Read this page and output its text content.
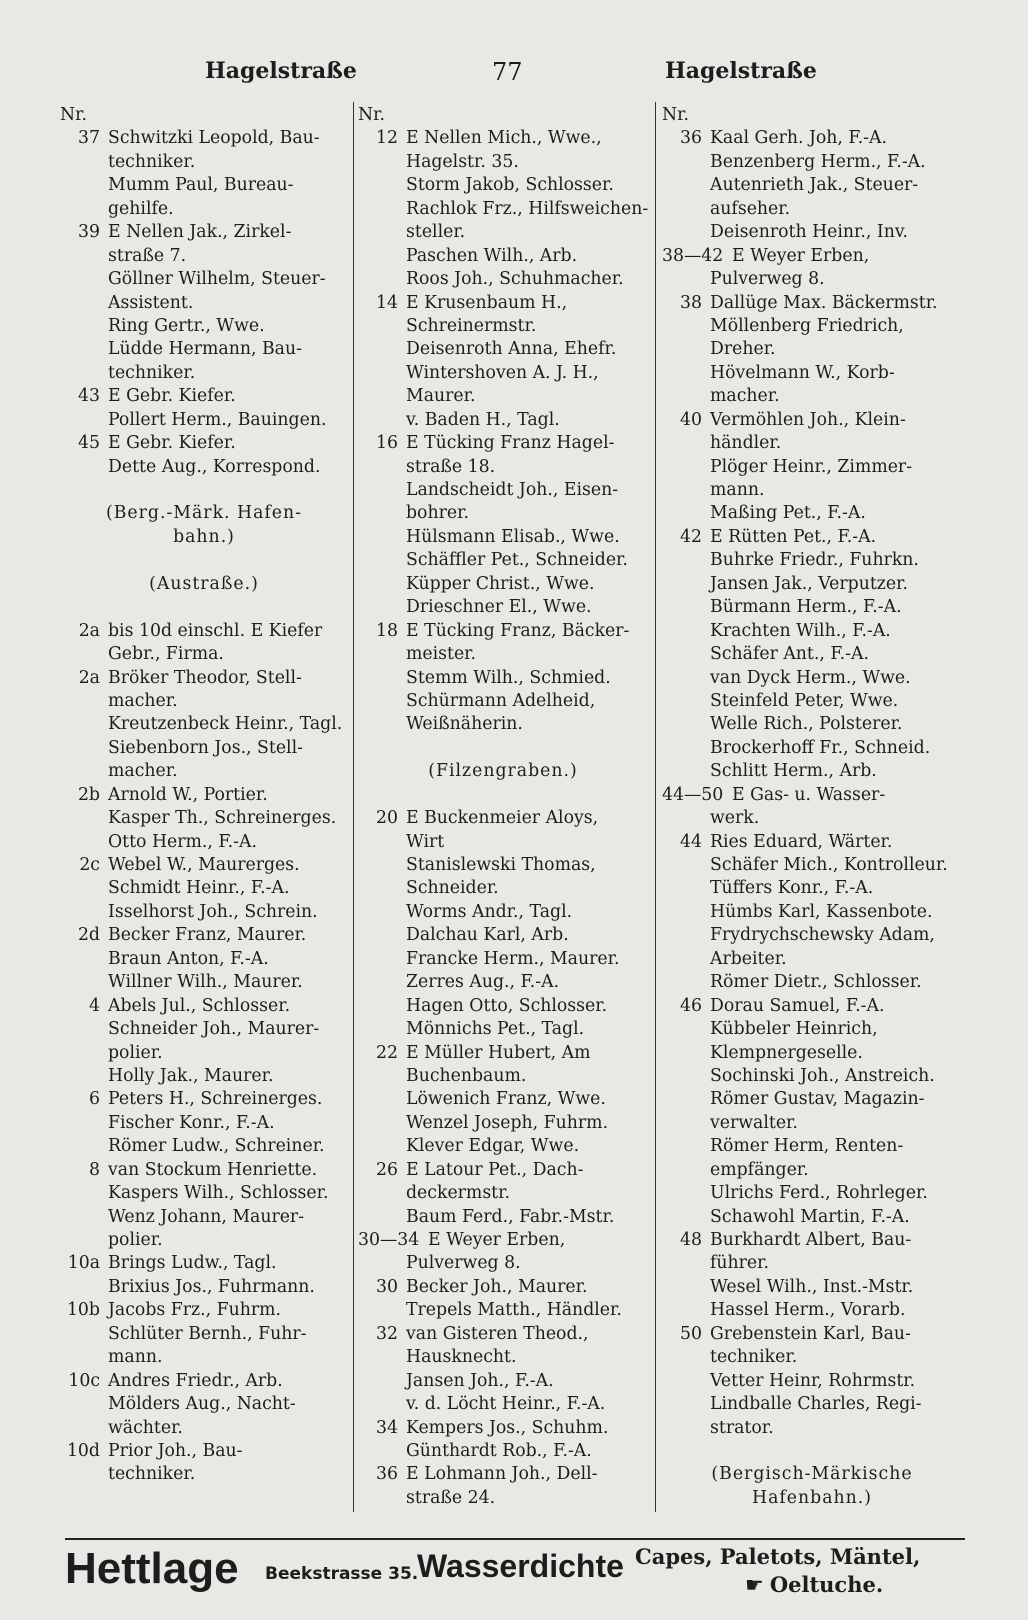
Hagelstraße	77	Hagelstraße
Nr.
37 Schwitzki Leopold, Bau-
techniker.
Mumm Paul, Bureau-
gehilfe.
39 E Nellen Jak., Zirkel-
straße 7.
Göllner Wilhelm, Steuer-
Assistent.
Ring Gertr., Wwe.
Lüdde Hermann, Bau-
techniker.
43 E Gebr. Kiefer.
Pollert Herm., Bauingen.
45 E Gebr. Kiefer.
Dette Aug., Korrespond.
(Berg.-Märk. Hafen-
bahn.)
(Austraße.)
2a bis 10d einschl. E Kiefer
Gebr., Firma.
2a Bröker Theodor, Stell-
macher.
Kreutzenbeck Heinr., Tagl.
Siebenborn Jos., Stell-
macher.
2b Arnold W., Portier.
Kasper Th., Schreinerges.
Otto Herm., F.-A.
2c Webel W., Maurerges.
Schmidt Heinr., F.-A.
Isselhorst Joh., Schrein.
2d Becker Franz, Maurer.
Braun Anton, F.-A.
Willner Wilh., Maurer.
4 Abels Jul., Schlosser.
Schneider Joh., Maurer-
polier.
Holly Jak., Maurer.
6 Peters H., Schreinerges.
Fischer Konr., F.-A.
Römer Ludw., Schreiner.
8 van Stockum Henriette.
Kaspers Wilh., Schlosser.
Wenz Johann, Maurer-
polier.
10a Brings Ludw., Tagl.
Brixius Jos., Fuhrmann.
10b Jacobs Frz., Fuhrm.
Schlüter Bernh., Fuhr-
mann.
10c Andres Friedr., Arb.
Mölders Aug., Nacht-
wächter.
10d Prior Joh., Bau-
techniker.
Nr.
12 E Nellen Mich., Wwe.,
Hagelstr. 35.
Storm Jakob, Schlosser.
Rachlok Frz., Hilfsweichen-
steller.
Paschen Wilh., Arb.
Roos Joh., Schuhmacher.
14 E Krusenbaum H.,
Schreinermstr.
Deisenroth Anna, Ehefr.
Wintershoven A. J. H.,
Maurer.
v. Baden H., Tagl.
16 E Tücking Franz Hagel-
straße 18.
Landscheidt Joh., Eisen-
bohrer.
Hülsmann Elisab., Wwe.
Schäffler Pet., Schneider.
Küpper Christ., Wwe.
Drieschner El., Wwe.
18 E Tücking Franz, Bäcker-
meister.
Stemm Wilh., Schmied.
Schürmann Adelheid,
Weißnäherin.
(Filzengraben.)
20 E Buckenmeier Aloys,
Wirt
Stanislewski Thomas,
Schneider.
Worms Andr., Tagl.
Dalchau Karl, Arb.
Francke Herm., Maurer.
Zerres Aug., F.-A.
Hagen Otto, Schlosser.
Mönnichs Pet., Tagl.
22 E Müller Hubert, Am
Buchenbaum.
Löwenich Franz, Wwe.
Wenzel Joseph, Fuhrm.
Klever Edgar, Wwe.
26 E Latour Pet., Dach-
deckermstr.
Baum Ferd., Fabr.-Mstr.
30—34 E Weyer Erben,
Pulverweg 8.
30 Becker Joh., Maurer.
Trepels Matth., Händler.
32 van Gisteren Theod.,
Hausknecht.
Jansen Joh., F.-A.
v. d. Löcht Heinr., F.-A.
34 Kempers Jos., Schuhm.
Günthardt Rob., F.-A.
36 E Lohmann Joh., Dell-
straße 24.
Nr.
36 Kaal Gerh. Joh, F.-A.
Benzenberg Herm., F.-A.
Autenrieth Jak., Steuer-
aufseher.
Deisenroth Heinr., Inv.
38—42 E Weyer Erben,
Pulverweg 8.
38 Dallüge Max. Bäckermstr.
Möllenberg Friedrich,
Dreher.
Hövelmann W., Korb-
macher.
40 Vermöhlen Joh., Klein-
händler.
Plöger Heinr., Zimmer-
mann.
Maßing Pet., F.-A.
42 E Rütten Pet., F.-A.
Buhrke Friedr., Fuhrkn.
Jansen Jak., Verputzer.
Bürmann Herm., F.-A.
Krachten Wilh., F.-A.
Schäfer Ant., F.-A.
van Dyck Herm., Wwe.
Steinfeld Peter, Wwe.
Welle Rich., Polsterer.
Brockerhoff Fr., Schneid.
Schlitt Herm., Arb.
44—50 E Gas- u. Wasser-
werk.
44 Ries Eduard, Wärter.
Schäfer Mich., Kontrolleur.
Tüffers Konr., F.-A.
Hümbs Karl, Kassenbote.
Frydrychschewsky Adam,
Arbeiter.
Römer Dietr., Schlosser.
46 Dorau Samuel, F.-A.
Kübbeler Heinrich,
Klempnergeselle.
Sochinski Joh., Anstreich.
Römer Gustav, Magazin-
verwalter.
Römer Herm, Renten-
empfänger.
Ulrichs Ferd., Rohrleger.
Schawohl Martin, F.-A.
48 Burkhardt Albert, Bau-
führer.
Wesel Wilh., Inst.-Mstr.
Hassel Herm., Vorarb.
50 Grebenstein Karl, Bau-
techniker.
Vetter Heinr, Rohrmstr.
Lindballe Charles, Regi-
strator.
(Bergisch-Märkische
Hafenbahn.)
Hettlage Beekstrasse 35.
Wasserdichte Capes, Paletots, Mäntel,
☛ Oeltuche.
